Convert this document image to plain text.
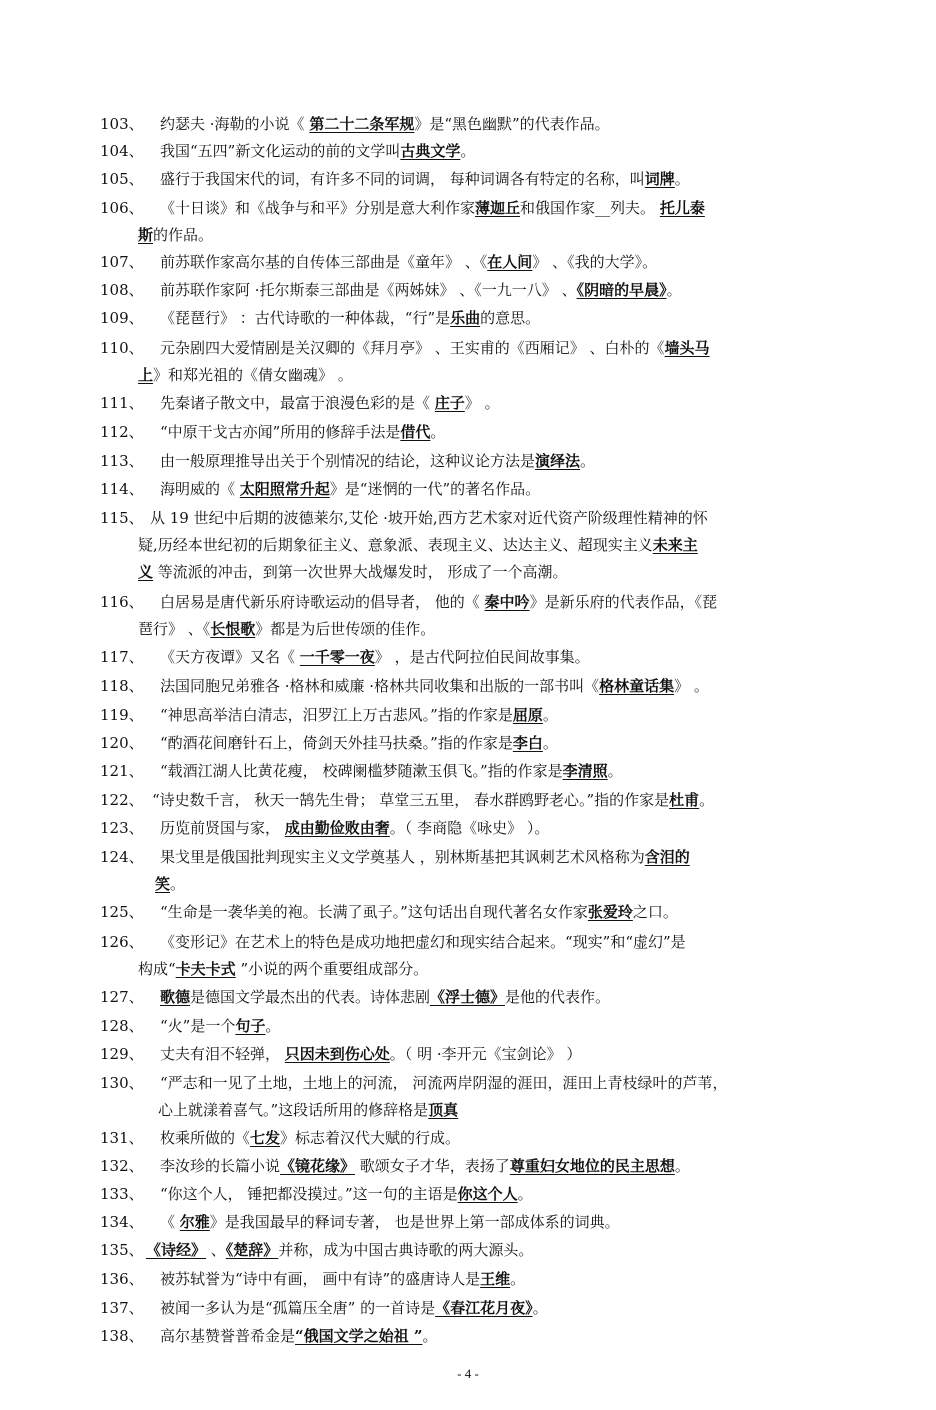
103、 约瑟夫 ·海勒的小说《 第二十二条军规》是“黑色幽默”的代表作品。
104、 我国“五四”新文化运动的前的文学叫古典文学。
105、 盛行于我国宋代的词，有许多不同的词调， 每种词调各有特定的名称，叫词牌。
106、 《十日谈》和《战争与和平》分别是意大利作家薄迦丘和俄国作家__列夫。 托儿泰
斯的作品。
107、 前苏联作家高尔基的自传体三部曲是《童年》 、《在人间》 、《我的大学》。
108、 前苏联作家阿 ·托尔斯泰三部曲是《两姊妹》 、《一九一八》 、《阴暗的早晨》。
109、 《琵琶行》 ：古代诗歌的一种体裁，“行”是乐曲的意思。
110、 元杂剧四大爱情剧是关汉卿的《拜月亭》 、王实甫的《西厢记》 、白朴的《墙头马
上》和郑光祖的《倩女幽魂》 。
111、 先秦诸子散文中，最富于浪漫色彩的是《 庄子》 。
112、 “中原干戈古亦闻”所用的修辞手法是借代。
113、 由一般原理推导出关于个别情况的结论，这种议论方法是演绎法。
114、 海明威的《 太阳照常升起》是“迷惘的一代”的著名作品。
115、 从 19 世纪中后期的波德莱尔,艾伦 ·坡开始,西方艺术家对近代资产阶级理性精神的怀
疑,历经本世纪初的后期象征主义、意象派、表现主义、达达主义、超现实主义未来主
义 等流派的冲击，到第一次世界大战爆发时， 形成了一个高潮。
116、 白居易是唐代新乐府诗歌运动的倡导者， 他的《 秦中吟》是新乐府的代表作品，《琵
琶行》 、《长恨歌》都是为后世传颂的佳作。
117、 《天方夜谭》又名《 一千零一夜》 ，是古代阿拉伯民间故事集。
118、 法国同胞兄弟雅各 ·格林和威廉 ·格林共同收集和出版的一部书叫《格林童话集》 。
119、 “神思高举洁白清志，汨罗江上万古悲风。”指的作家是屈原。
120、 “酌酒花间磨针石上，倚剑天外挂马扶桑。”指的作家是李白。
121、 “载酒江湖人比黄花瘦， 校碑阑槛梦随漱玉俱飞。”指的作家是李清照。
122、 “诗史数千言， 秋天一鹄先生骨； 草堂三五里， 春水群鸥野老心。”指的作家是杜甫。
123、 历览前贤国与家， 成由勤俭败由奢。（ 李商隐《咏史》 ）。
124、 果戈里是俄国批判现实主义文学奠基人 ，别林斯基把其讽刺艺术风格称为含泪的
笑。
125、 “生命是一袭华美的袍。长满了虱子。”这句话出自现代著名女作家张爱玲之口。
126、 《变形记》在艺术上的特色是成功地把虚幻和现实结合起来。“现实”和“虚幻”是
构成“卡夫卡式 ”小说的两个重要组成部分。
127、 歌德是德国文学最杰出的代表。诗体悲剧《浮士德》是他的代表作。
128、 “火”是一个句子。
129、 丈夫有泪不轻弹， 只因未到伤心处。（ 明 ·李开元《宝剑论》 ）
130、 “严志和一见了土地，土地上的河流， 河流两岸阴湿的涯田，涯田上青枝绿叶的芦苇，
心上就漾着喜气。”这段话所用的修辞格是顶真
131、 枚乘所做的《七发》标志着汉代大赋的行成。
132、 李汝珍的长篇小说《镜花缘》 歌颂女子才华，表扬了尊重妇女地位的民主思想。
133、 “你这个人， 锤把都没摸过。”这一句的主语是你这个人。
134、 《 尔雅》是我国最早的释词专著， 也是世界上第一部成体系的词典。
135、 《诗经》 、《楚辞》并称，成为中国古典诗歌的两大源头。
136、 被苏轼誉为“诗中有画， 画中有诗”的盛唐诗人是王维。
137、 被闻一多认为是“孤篇压全唐” 的一首诗是《春江花月夜》。
138、 高尔基赞誉普希金是“俄国文学之始祖 ”。
- 4 -
